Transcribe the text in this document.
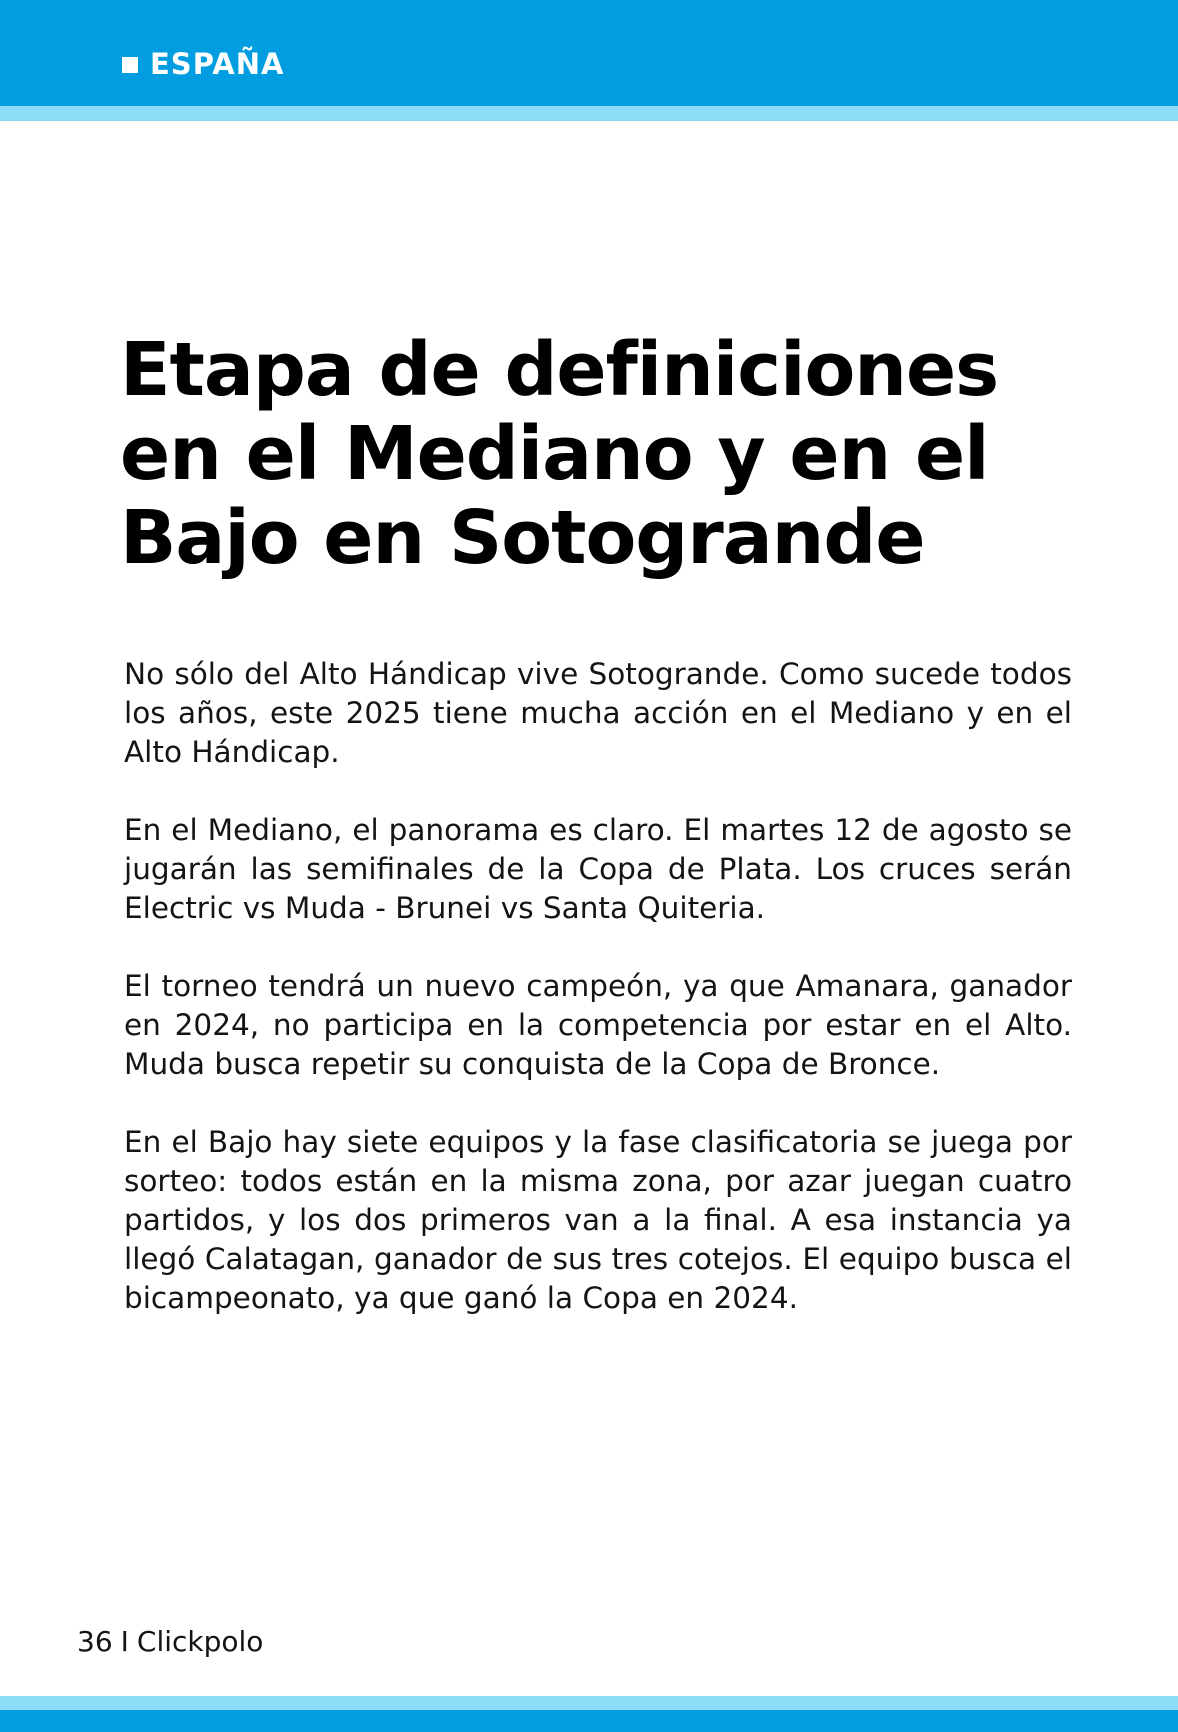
ESPAÑA
Etapa de definiciones
en el Mediano y en el
Bajo en Sotogrande

No sólo del Alto Hándicap vive Sotogrande. Como sucede todos los años, este 2025 tiene mucha acción en el Mediano y en el Alto Hándicap.

En el Mediano, el panorama es claro. El martes 12 de agosto se jugarán las semifinales de la Copa de Plata. Los cruces serán Electric vs Muda - Brunei vs Santa Quiteria.

El torneo tendrá un nuevo campeón, ya que Amanara, ganador en 2024, no participa en la competencia por estar en el Alto. Muda busca repetir su conquista de la Copa de Bronce.

En el Bajo hay siete equipos y la fase clasificatoria se juega por sorteo: todos están en la misma zona, por azar juegan cuatro partidos, y los dos primeros van a la final. A esa instancia ya llegó Calatagan, ganador de sus tres cotejos. El equipo busca el bicampeonato, ya que ganó la Copa en 2024.

36 I Clickpolo
